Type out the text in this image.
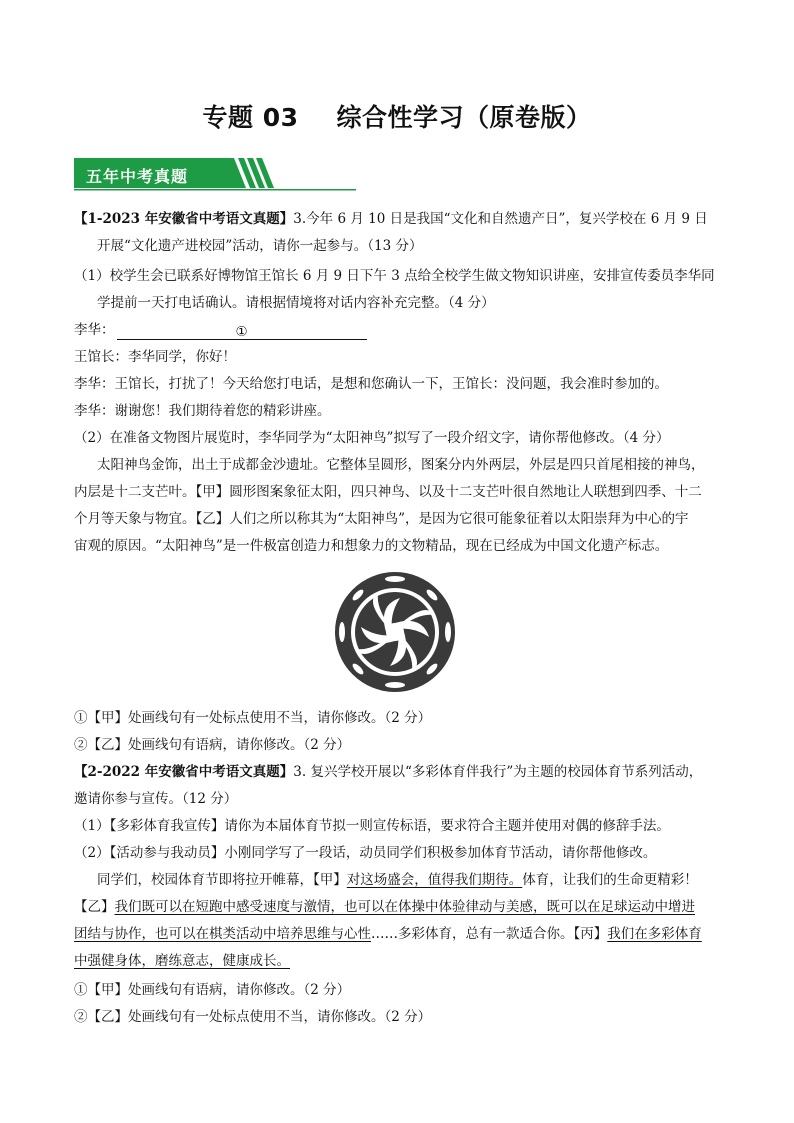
专题 03 综合性学习（原卷版）
五年中考真题
【1-2023 年安徽省中考语文真题】3.今年 6 月 10 日是我国“文化和自然遗产日”，复兴学校在 6 月 9 日
开展“文化遗产进校园”活动，请你一起参与。（13 分）
（1）校学生会已联系好博物馆王馆长 6 月 9 日下午 3 点给全校学生做文物知识讲座，安排宣传委员李华同
学提前一天打电话确认。请根据情境将对话内容补充完整。（4 分）
李华：	①
王馆长：李华同学，你好！
李华：王馆长，打扰了！今天给您打电话，是想和您确认一下，王馆长：没问题，我会准时参加的。
李华：谢谢您！我们期待着您的精彩讲座。
（2）在准备文物图片展览时，李华同学为“太阳神鸟”拟写了一段介绍文字，请你帮他修改。（4 分）
太阳神鸟金饰，出土于成都金沙遗址。它整体呈圆形，图案分内外两层，外层是四只首尾相接的神鸟，
内层是十二支芒叶。【甲】圆形图案象征太阳，四只神鸟、以及十二支芒叶很自然地让人联想到四季、十二
个月等天象与物宜。【乙】人们之所以称其为“太阳神鸟”，是因为它很可能象征着以太阳崇拜为中心的宇
宙观的原因。“太阳神鸟”是一件极富创造力和想象力的文物精品，现在已经成为中国文化遗产标志。
①【甲】处画线句有一处标点使用不当，请你修改。（2 分）
②【乙】处画线句有语病，请你修改。（2 分）
【2-2022 年安徽省中考语文真题】3. 复兴学校开展以“多彩体育伴我行”为主题的校园体育节系列活动，
邀请你参与宣传。（12 分）
（1）【多彩体育我宣传】请你为本届体育节拟一则宣传标语，要求符合主题并使用对偶的修辞手法。
（2）【活动参与我动员】小刚同学写了一段话，动员同学们积极参加体育节活动，请你帮他修改。
同学们，校园体育节即将拉开帷幕，【甲】对这场盛会，值得我们期待。体育，让我们的生命更精彩！
【乙】我们既可以在短跑中感受速度与激情，也可以在体操中体验律动与美感，既可以在足球运动中增进
团结与协作，也可以在棋类活动中培养思维与心性……多彩体育，总有一款适合你。【丙】我们在多彩体育
中强健身体，磨练意志，健康成长。
①【甲】处画线句有语病，请你修改。（2 分）
②【乙】处画线句有一处标点使用不当，请你修改。（2 分）
